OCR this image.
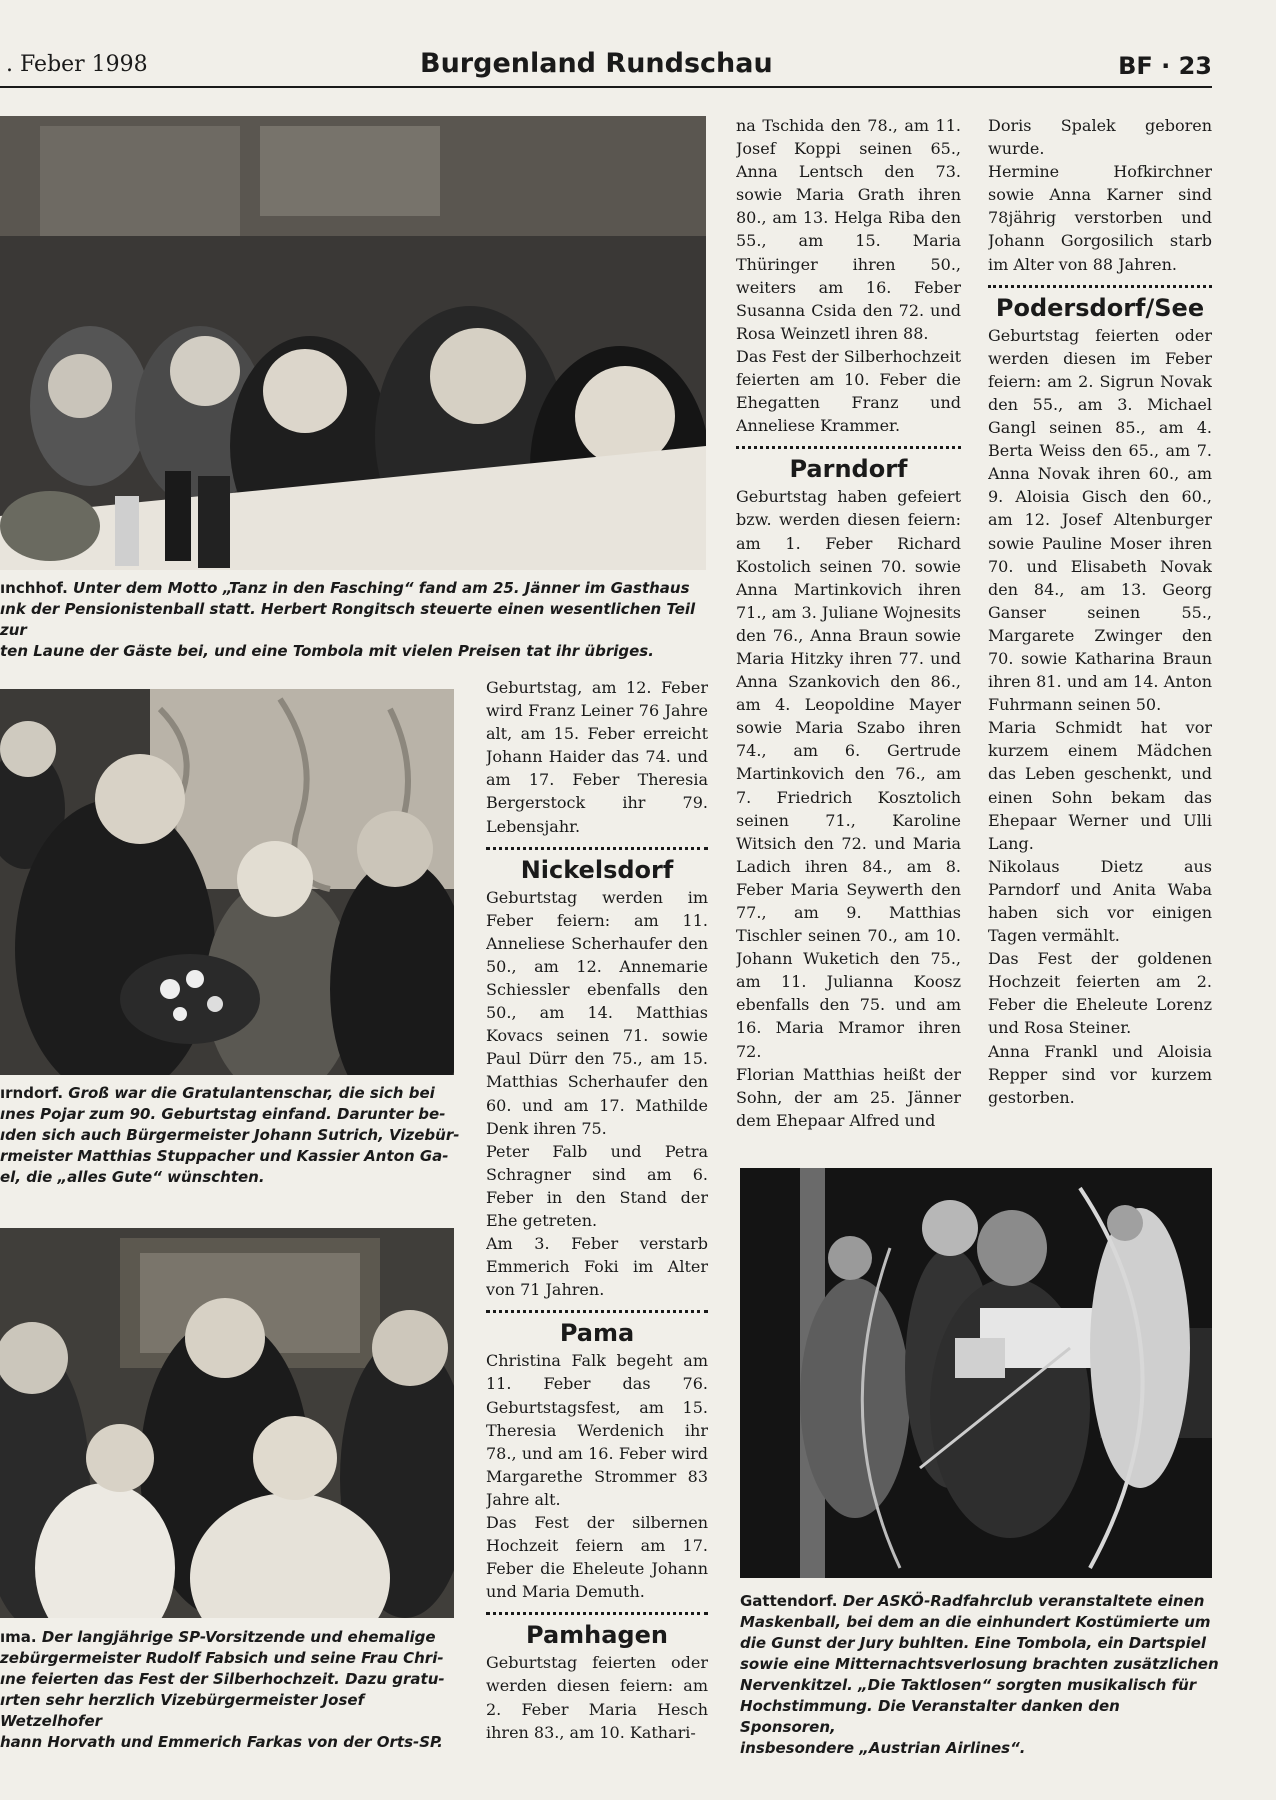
. Feber 1998	Burgenland Rundschau	BF · 23
ınchhof. Unter dem Motto „Tanz in den Fasching“ fand am 25. Jänner im Gasthaus
ınk der Pensionistenball statt. Herbert Rongitsch steuerte einen wesentlichen Teil zur
ten Laune der Gäste bei, und eine Tombola mit vielen Preisen tat ihr übriges.
ırndorf. Groß war die Gratulantenschar, die sich bei
ınes Pojar zum 90. Geburtstag einfand. Darunter be-
ıden sich auch Bürgermeister Johann Sutrich, Vizebür-
rmeister Matthias Stuppacher und Kassier Anton Ga-
el, die „alles Gute“ wünschten.
ıma. Der langjährige SP-Vorsitzende und ehemalige
zebürgermeister Rudolf Fabsich und seine Frau Chri-
ıne feierten das Fest der Silberhochzeit. Dazu gratu-
ırten sehr herzlich Vizebürgermeister Josef Wetzelhofer
hann Horvath und Emmerich Farkas von der Orts-SP.
Gattendorf. Der ASKÖ-Radfahrclub veranstaltete einen
Maskenball, bei dem an die einhundert Kostümierte um
die Gunst der Jury buhlten. Eine Tombola, ein Dartspiel
sowie eine Mitternachtsverlosung brachten zusätzlichen
Nervenkitzel. „Die Taktlosen“ sorgten musikalisch für
Hochstimmung. Die Veranstalter danken den Sponsoren,
insbesondere „Austrian Airlines“.

Geburtstag, am 12. Feber wird Franz Leiner 76 Jahre alt, am 15. Feber erreicht Johann Haider das 74. und am 17. Feber Theresia Bergerstock ihr 79. Lebensjahr.

Nickelsdorf

Geburtstag werden im Feber feiern: am 11. Anneliese Scherhaufer den 50., am 12. Annemarie Schiessler ebenfalls den 50., am 14. Matthias Kovacs seinen 71. sowie Paul Dürr den 75., am 15. Matthias Scherhaufer den 60. und am 17. Mathilde Denk ihren 75.

Peter Falb und Petra Schragner sind am 6. Feber in den Stand der Ehe getreten.

Am 3. Feber verstarb Emmerich Foki im Alter von 71 Jahren.

Pama

Christina Falk begeht am 11. Feber das 76. Geburtstagsfest, am 15. Theresia Werdenich ihr 78., und am 16. Feber wird Margarethe Strommer 83 Jahre alt.

Das Fest der silbernen Hochzeit feiern am 17. Feber die Eheleute Johann und Maria Demuth.

Pamhagen

Geburtstag feierten oder werden diesen feiern: am 2. Feber Maria Hesch ihren 83., am 10. Kathari-

na Tschida den 78., am 11. Josef Koppi seinen 65., Anna Lentsch den 73. sowie Maria Grath ihren 80., am 13. Helga Riba den 55., am 15. Maria Thüringer ihren 50., weiters am 16. Feber Susanna Csida den 72. und Rosa Weinzetl ihren 88.

Das Fest der Silberhochzeit feierten am 10. Feber die Ehegatten Franz und Anneliese Krammer.

Parndorf

Geburtstag haben gefeiert bzw. werden diesen feiern: am 1. Feber Richard Kostolich seinen 70. sowie Anna Martinkovich ihren 71., am 3. Juliane Wojnesits den 76., Anna Braun sowie Maria Hitzky ihren 77. und Anna Szankovich den 86., am 4. Leopoldine Mayer sowie Maria Szabo ihren 74., am 6. Gertrude Martinkovich den 76., am 7. Friedrich Kosztolich seinen 71., Karoline Witsich den 72. und Maria Ladich ihren 84., am 8. Feber Maria Seywerth den 77., am 9. Matthias Tischler seinen 70., am 10. Johann Wuketich den 75., am 11. Julianna Koosz ebenfalls den 75. und am 16. Maria Mramor ihren 72.

Florian Matthias heißt der Sohn, der am 25. Jänner dem Ehepaar Alfred und

Doris Spalek geboren wurde.

Hermine Hofkirchner sowie Anna Karner sind 78jährig verstorben und Johann Gorgosilich starb im Alter von 88 Jahren.

Podersdorf/See

Geburtstag feierten oder werden diesen im Feber feiern: am 2. Sigrun Novak den 55., am 3. Michael Gangl seinen 85., am 4. Berta Weiss den 65., am 7. Anna Novak ihren 60., am 9. Aloisia Gisch den 60., am 12. Josef Altenburger sowie Pauline Moser ihren 70. und Elisabeth Novak den 84., am 13. Georg Ganser seinen 55., Margarete Zwinger den 70. sowie Katharina Braun ihren 81. und am 14. Anton Fuhrmann seinen 50.

Maria Schmidt hat vor kurzem einem Mädchen das Leben geschenkt, und einen Sohn bekam das Ehepaar Werner und Ulli Lang.

Nikolaus Dietz aus Parndorf und Anita Waba haben sich vor einigen Tagen vermählt.

Das Fest der goldenen Hochzeit feierten am 2. Feber die Eheleute Lorenz und Rosa Steiner.

Anna Frankl und Aloisia Repper sind vor kurzem gestorben.
